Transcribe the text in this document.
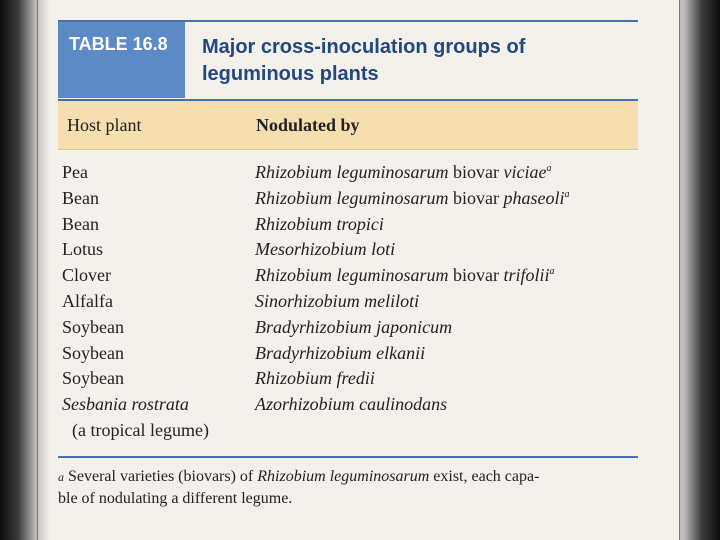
TABLE 16.8	Major cross-inoculation groups of
leguminous plants
Host plant	Nodulated by
Pea	Rhizobium leguminosarum biovar viciae$^a$
Bean	Rhizobium leguminosarum biovar phaseoli$^a$
Bean	Rhizobium tropici
Lotus	Mesorhizobium loti
Clover	Rhizobium leguminosarum biovar trifolii$^a$
Alfalfa	Sinorhizobium meliloti
Soybean	Bradyrhizobium japonicum
Soybean	Bradyrhizobium elkanii
Soybean	Rhizobium fredii
Sesbania rostrata	Azorhizobium caulinodans
(a tropical legume)
a Several varieties (biovars) of Rhizobium leguminosarum exist, each capa-
ble of nodulating a different legume.
